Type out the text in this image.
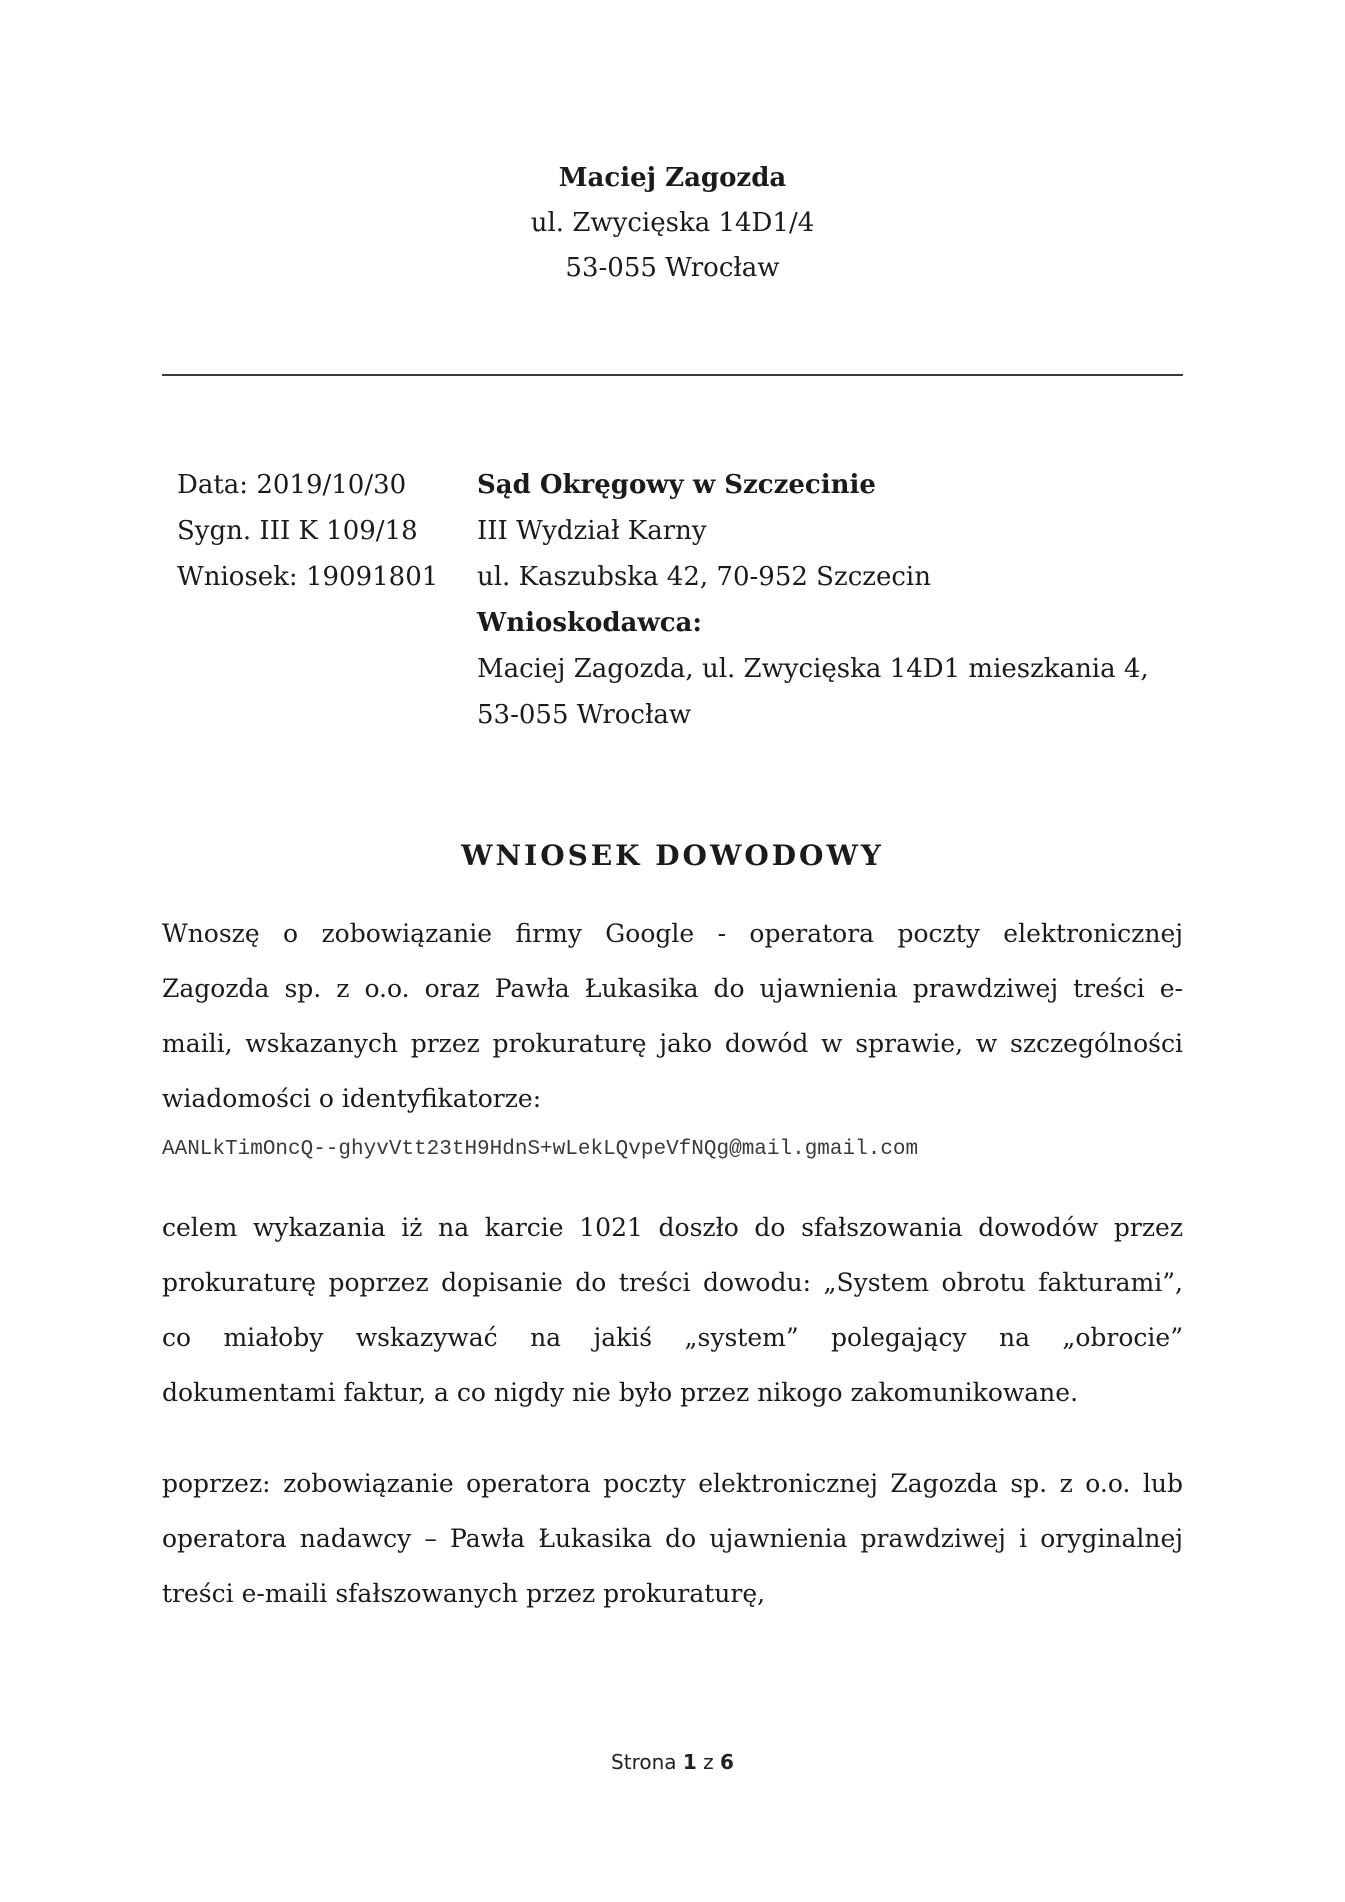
Maciej Zagozda
ul. Zwycięska 14D1/4
53-055 Wrocław
Data: 2019/10/30
Sygn. III K 109/18
Wniosek: 19091801
Sąd Okręgowy w Szczecinie
III Wydział Karny
ul. Kaszubska 42, 70-952 Szczecin
Wnioskodawca:
Maciej Zagozda, ul. Zwycięska 14D1 mieszkania 4,
53-055 Wrocław
WNIOSEK DOWODOWY
Wnoszę o zobowiązanie firmy Google - operatora poczty elektronicznej
Zagozda sp. z o.o. oraz Pawła Łukasika do ujawnienia prawdziwej treści e-
maili, wskazanych przez prokuraturę jako dowód w sprawie, w szczególności
wiadomości o identyfikatorze:
AANLkTimOncQ--ghyvVtt23tH9HdnS+wLekLQvpeVfNQg@mail.gmail.com
celem wykazania iż na karcie 1021 doszło do sfałszowania dowodów przez
prokuraturę poprzez dopisanie do treści dowodu: „System obrotu fakturami”,
co miałoby wskazywać na jakiś „system” polegający na „obrocie”
dokumentami faktur, a co nigdy nie było przez nikogo zakomunikowane.
poprzez: zobowiązanie operatora poczty elektronicznej Zagozda sp. z o.o. lub
operatora nadawcy – Pawła Łukasika do ujawnienia prawdziwej i oryginalnej
treści e-maili sfałszowanych przez prokuraturę,
Strona 1 z 6
